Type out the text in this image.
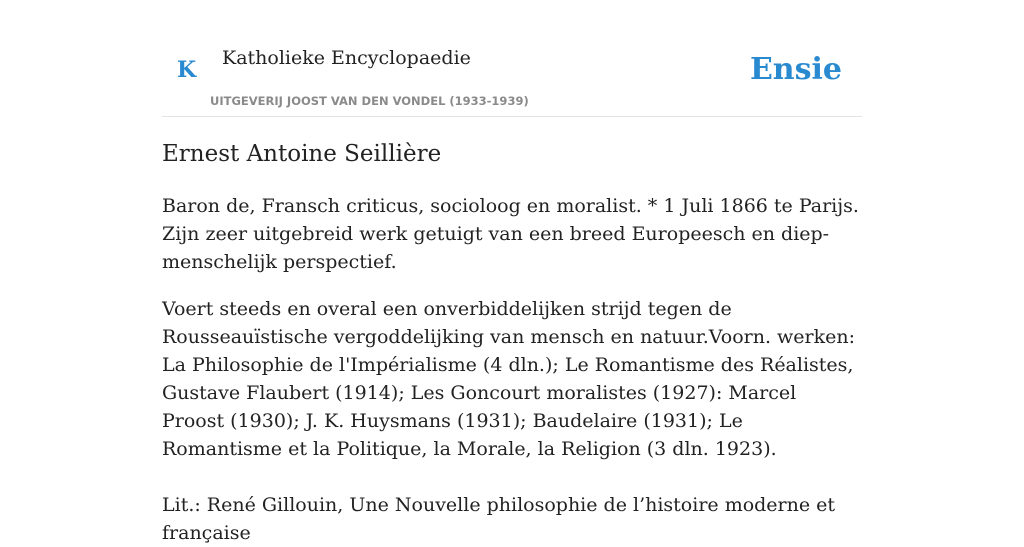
K Katholieke Encyclopaedie
UITGEVERIJ JOOST VAN DEN VONDEL (1933-1939)
Ensie
Ernest Antoine Seillière

Baron de, Fransch criticus, socioloog en moralist. * 1 Juli 1866 te Parijs. Zijn zeer uitgebreid werk getuigt van een breed Europeesch en diep-menschelijk perspectief.

Voert steeds en overal een onverbiddelijken strijd tegen de Rousseauïstische vergoddelijking van mensch en natuur.Voorn. werken: La Philosophie de l'Impérialisme (4 dln.); Le Romantisme des Réalistes, Gustave Flaubert (1914); Les Goncourt moralistes (1927): Marcel Proost (1930); J. K. Huysmans (1931); Baudelaire (1931); Le Romantisme et la Politique, la Morale, la Religion (3 dln. 1923).

Lit.: René Gillouin, Une Nouvelle philosophie de l’histoire moderne et française
